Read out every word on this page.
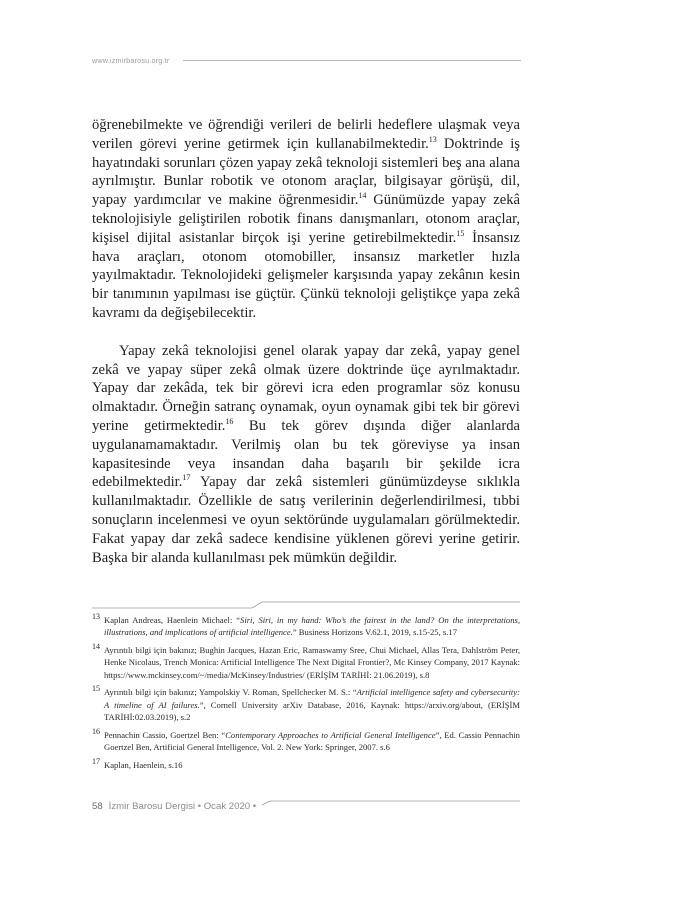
www.izmirbarosu.org.tr

öğrenebilmekte ve öğrendiği verileri de belirli hedeflere ulaşmak veya verilen görevi yerine getirmek için kullanabilmektedir.$^{13}$ Doktrinde iş hayatındaki sorunları çözen yapay zekâ teknoloji sistemleri beş ana alana ayrılmıştır. Bunlar robotik ve otonom araçlar, bilgisayar görüşü, dil, yapay yardımcılar ve makine öğrenmesidir.$^{14}$ Günümüzde yapay zekâ teknolojisiyle geliştirilen robotik finans danışmanları, otonom araçlar, kişisel dijital asistanlar birçok işi yerine getirebilmektedir.$^{15}$ İnsansız hava araçları, otonom otomobiller, insansız marketler hızla yayılmaktadır. Teknolojideki gelişmeler karşısında yapay zekânın kesin bir tanımının yapılması ise güçtür. Çünkü teknoloji geliştikçe yapa zekâ kavramı da değişebilecektir.

Yapay zekâ teknolojisi genel olarak yapay dar zekâ, yapay genel zekâ ve yapay süper zekâ olmak üzere doktrinde üçe ayrılmaktadır. Yapay dar zekâda, tek bir görevi icra eden programlar söz konusu olmaktadır. Örneğin satranç oynamak, oyun oynamak gibi tek bir görevi yerine getirmektedir.$^{16}$ Bu tek görev dışında diğer alanlarda uygulanamamaktadır. Verilmiş olan bu tek göreviyse ya insan kapasitesinde veya insandan daha başarılı bir şekilde icra edebilmektedir.$^{17}$ Yapay dar zekâ sistemleri günümüzdeyse sıklıkla kullanılmaktadır. Özellikle de satış verilerinin değerlendirilmesi, tıbbi sonuçların incelenmesi ve oyun sektöründe uygulamaları görülmektedir. Fakat yapay dar zekâ sadece kendisine yüklenen görevi yerine getirir. Başka bir alanda kullanılması pek mümkün değildir.

13 Kaplan Andreas, Haenlein Michael: “Siri, Siri, in my hand: Who’s the fairest in the land? On the interpretations, illustrations, and implications of artificial intelligence.” Business Horizons V.62.1, 2019, s.15-25, s.17

14 Ayrıntılı bilgi için bakınız; Bughin Jacques, Hazan Eric, Ramaswamy Sree, Chui Michael, Allas Tera, Dahlström Peter, Henke Nicolaus, Trench Monica: Artificial Intelligence The Next Digital Frontier?, Mc Kinsey Company, 2017 Kaynak: https://www.mckinsey.com/~/media/McKinsey/Industries/ (ERİŞİM TARİHİ: 21.06.2019), s.8

15 Ayrıntılı bilgi için bakınız; Yampolskiy V. Roman, Spellchecker M. S.: “Artificial intelligence safety and cybersecurity: A timeline of AI failures.”, Cornell University arXiv Database, 2016, Kaynak: https://arxiv.org/about, (ERİŞİM TARİHİ:02.03.2019), s.2

16 Pennachin Cassio, Goertzel Ben: “Contemporary Approaches to Artificial General Intelligence”, Ed. Cassio Pennachin Goertzel Ben, Artificial General Intelligence, Vol. 2. New York: Springer, 2007. s.6

17 Kaplan, Haenlein, s.16

58 İzmir Barosu Dergisi • Ocak 2020 •
